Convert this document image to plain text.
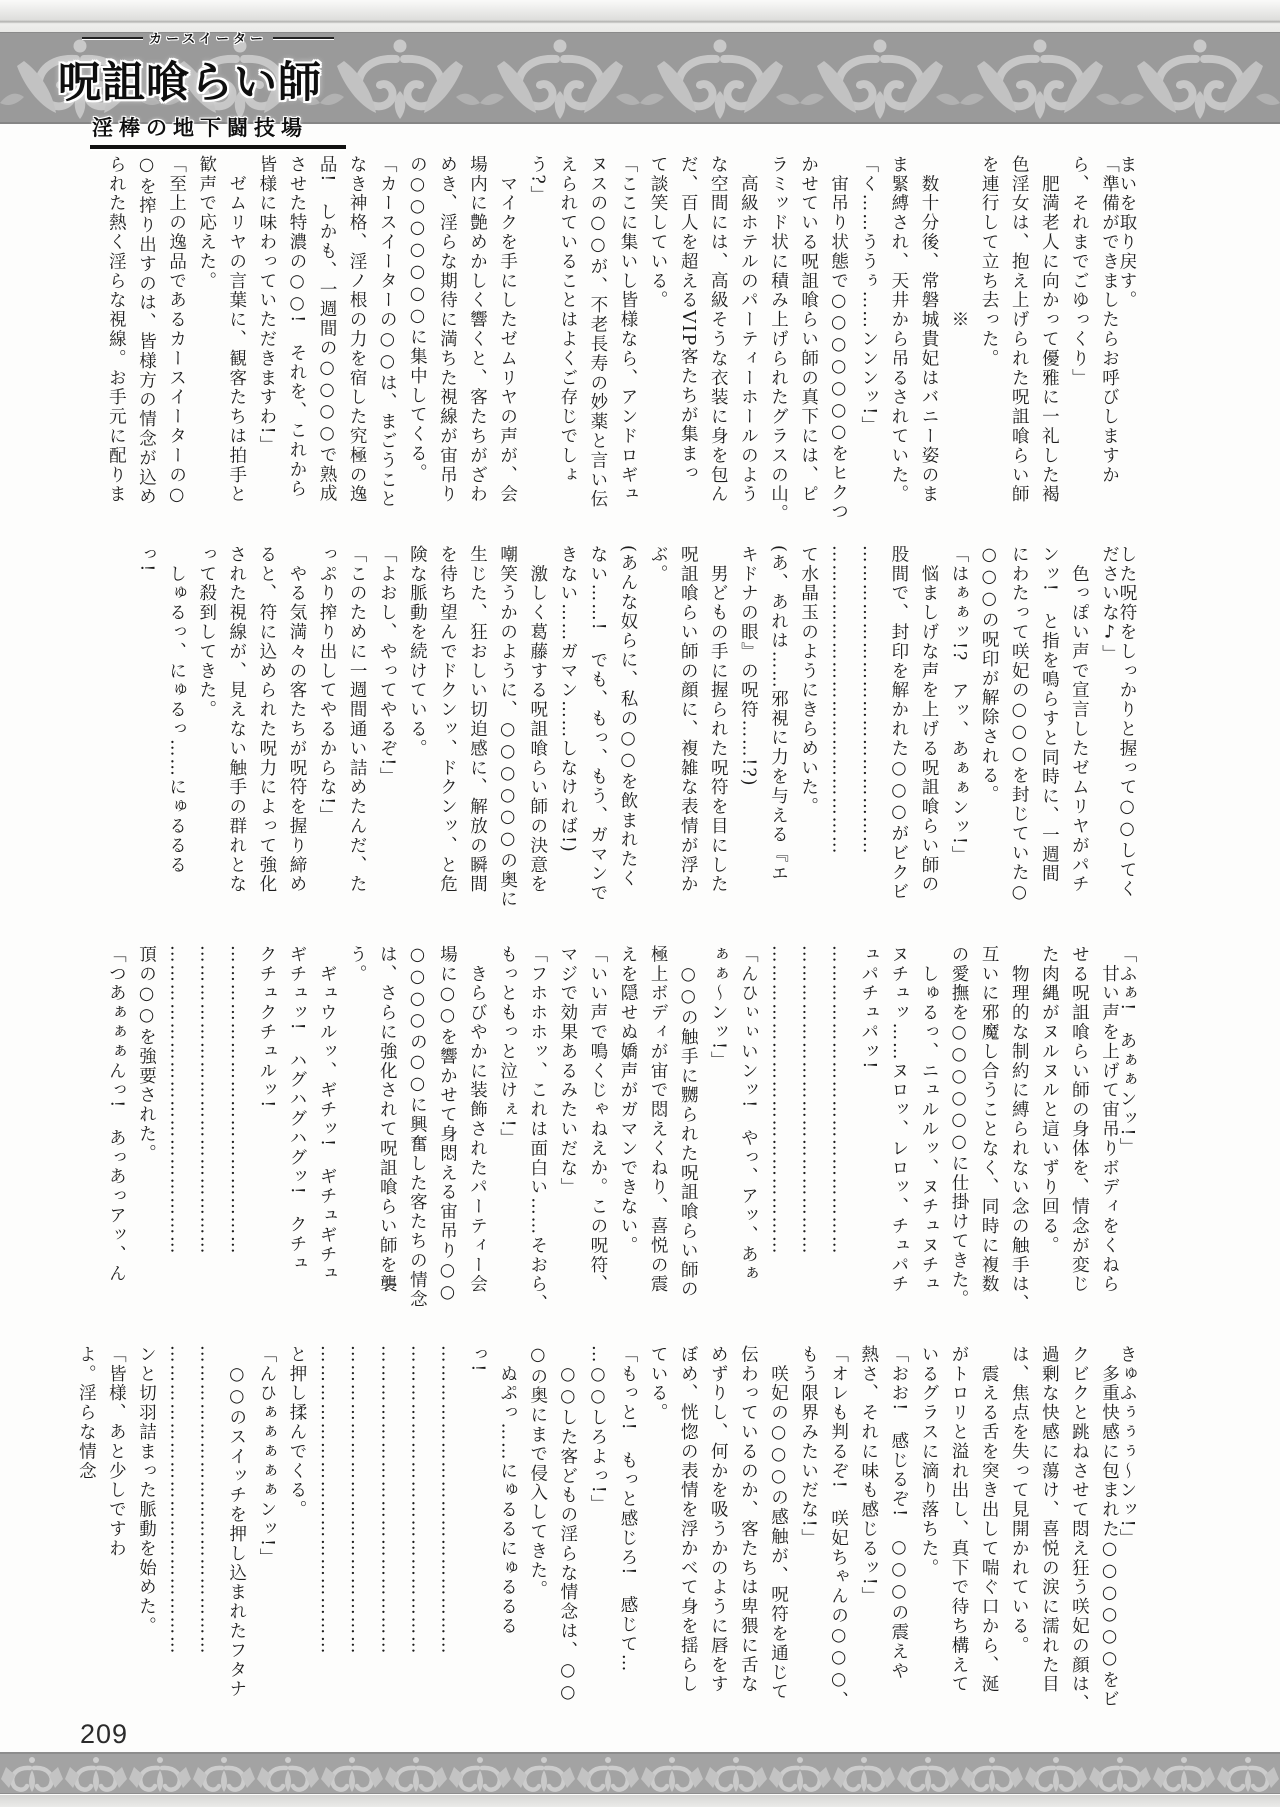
カースイーター
呪詛喰らい師
淫棒の地下闘技場

まいを取り戻す。

「準備ができましたらお呼びしますか

ら、それまでごゆっくり」

　肥満老人に向かって優雅に一礼した褐

色淫女は、抱え上げられた呪詛喰らい師

を連行して立ち去った。

　　　　　　　　※

　数十分後、常磐城貴妃はバニー姿のま

ま緊縛され、天井から吊るされていた。

「く……ううぅ……ンンンッ!」

　宙吊り状態で○○○○○○○をヒクつ

かせている呪詛喰らい師の真下には、ピ

ラミッド状に積み上げられたグラスの山。

　高級ホテルのパーティーホールのよう

な空間には、高級そうな衣装に身を包ん

だ、百人を超えるVIP客たちが集まっ

て談笑している。

「ここに集いし皆様なら、アンドロギュ

ヌスの○○が、不老長寿の妙薬と言い伝

えられていることはよくご存じでしょ

う?」

　マイクを手にしたゼムリヤの声が、会

場内に艶めかしく響くと、客たちがざわ

めき、淫らな期待に満ちた視線が宙吊り

の○○○○○○○に集中してくる。

「カースイーターの○○は、まごうこと

なき神格、淫ノ根の力を宿した究極の逸

品!　しかも、一週間の○○○○で熟成

させた特濃の○○!　それを、これから

皆様に味わっていただきますわ!」

　ゼムリヤの言葉に、観客たちは拍手と

歓声で応えた。

「至上の逸品であるカースイーターの○

○を搾り出すのは、皆様方の情念が込め

られた熱く淫らな視線。お手元に配りま

した呪符をしっかりと握って○○してく

ださいな♪」

　色っぽい声で宣言したゼムリヤがパチ

ンッ!　と指を鳴らすと同時に、一週間

にわたって咲妃の○○○を封じていた○

○○○の呪印が解除される。

「はぁぁッ!?　アッ、あぁぁンッ!」

　悩ましげな声を上げる呪詛喰らい師の

股間で、封印を解かれた○○○がビクビ

…………………………………………

…………………………………………

て水晶玉のようにきらめいた。

(あ、あれは……邪視に力を与える『エ

キドナの眼』の呪符……!?)

　男どもの手に握られた呪符を目にした

呪詛喰らい師の顔に、複雑な表情が浮か

ぶ。

(あんな奴らに、私の○○を飲まれたく

ない……!　でも、もっ、もう、ガマンで

きない……ガマン……しなければ!)

　激しく葛藤する呪詛喰らい師の決意を

嘲笑うかのように、○○○○○○の奥に

生じた、狂おしい切迫感に、解放の瞬間

を待ち望んでドクンッ、ドクンッ、と危

険な脈動を続けている。

「よおし、やってやるぞ!」

「このために一週間通い詰めたんだ、た

っぷり搾り出してやるからな!」

　やる気満々の客たちが呪符を握り締め

ると、符に込められた呪力によって強化

された視線が、見えない触手の群れとな

って殺到してきた。

　しゅるっ、にゅるっ……にゅるるる

っ!

「ふぁ!　あぁぁンッ!」

　甘い声を上げて宙吊りボディをくねら

せる呪詛喰らい師の身体を、情念が変じ

た肉縄がヌルヌルと這いずり回る。

　物理的な制約に縛られない念の触手は、

互いに邪魔し合うことなく、同時に複数

の愛撫を○○○○○○に仕掛けてきた。

　しゅるっ、ニュルルッ、ヌチュヌチュ

ヌチュッ……ヌロッ、レロッ、チュパチ

ュパチュパッ!

…………………………………………

…………………………………………

…………………………………………

「んひぃぃいンッ!　やっ、アッ、あぁ

ぁぁ〜ンッ!」

　○○の触手に嬲られた呪詛喰らい師の

極上ボディが宙で悶えくねり、喜悦の震

えを隠せぬ嬌声がガマンできない。

「いい声で鳴くじゃねえか。この呪符、

マジで効果あるみたいだな」

「フホホホッ、これは面白い……そおら、

もっともっと泣けぇ!」

　きらびやかに装飾されたパーティー会

場に○○を響かせて身悶える宙吊り○○

○○○○の○○に興奮した客たちの情念

は、さらに強化されて呪詛喰らい師を襲

う。

　ギュウルッ、ギチッ!　ギチュギチュ

ギチュッ!　ハグハグハグッ!　クチュ

クチュクチュルッ!

…………………………………………

…………………………………………

…………………………………………

頂の○○を強要された。

「つあぁぁぁんっ!　あっあっアッ、ん

きゅふぅぅぅ〜ンッ!」

　多重快感に包まれた○○○○○○をビ

クビクと跳ねさせて悶え狂う咲妃の顔は、

過剰な快感に蕩け、喜悦の涙に濡れた目

は、焦点を失って見開かれている。

　震える舌を突き出して喘ぐ口から、涎

がトロリと溢れ出し、真下で待ち構えて

いるグラスに滴り落ちた。

「おお!　感じるぞ!　○○○の震えや

熱さ、それに味も感じるッ!」

「オレも判るぞ!　咲妃ちゃんの○○○、

もう限界みたいだな!」

　咲妃の○○○の感触が、呪符を通じて

伝わっているのか、客たちは卑猥に舌な

めずりし、何かを吸うかのように唇をす

ぼめ、恍惚の表情を浮かべて身を揺らし

ている。

「もっと!　もっと感じろ!　感じて…

…○○しろよっ!」

　○○した客どもの淫らな情念は、○○

○の奥にまで侵入してきた。

　ぬぷっ……にゅるるにゅるるる

っ!

…………………………………………

…………………………………………

…………………………………………

…………………………………………

…………………………………………

と押し揉んでくる。

「んひぁぁぁぁぁンッ!」

　○○のスイッチを押し込まれたフタナ

…………………………………………

…………………………………………

ンと切羽詰まった脈動を始めた。

「皆様、あと少しですわ

よ。淫らな情念

209
